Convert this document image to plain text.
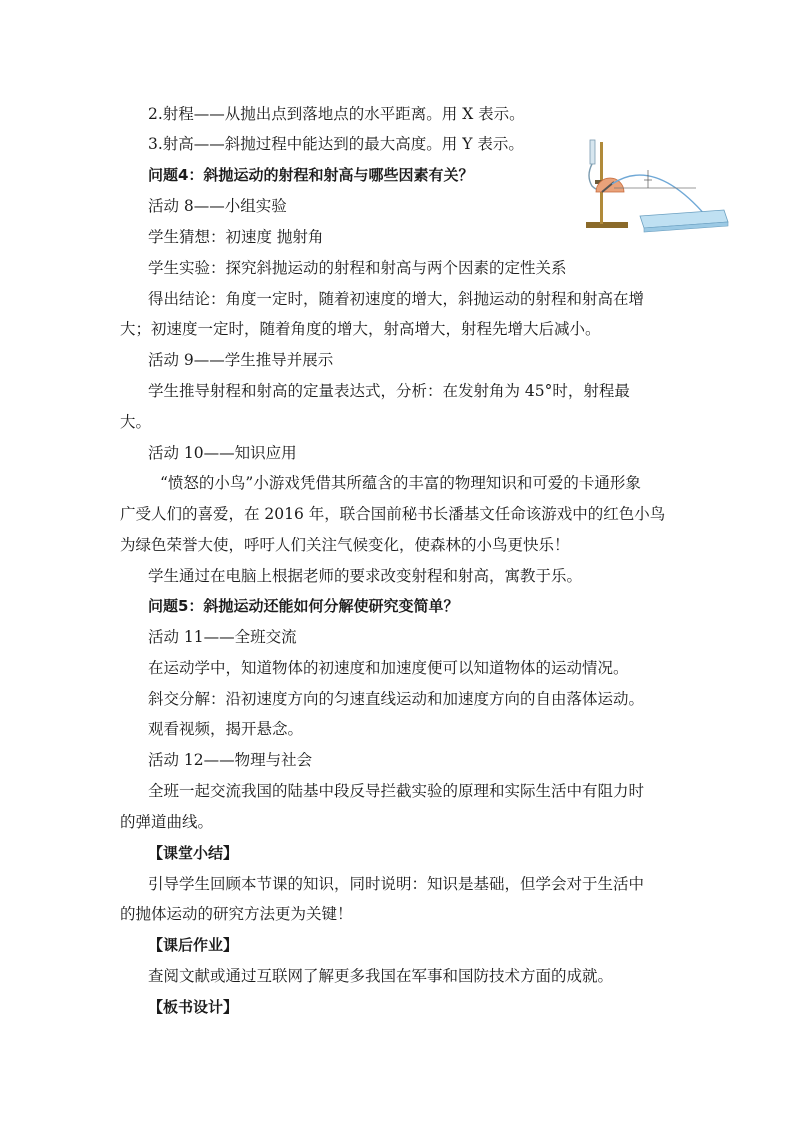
2.射程——从抛出点到落地点的水平距离。用 X 表示。
3.射高——斜抛过程中能达到的最大高度。用 Y 表示。
问题4：斜抛运动的射程和射高与哪些因素有关？
活动 8——小组实验
学生猜想：初速度 抛射角
学生实验：探究斜抛运动的射程和射高与两个因素的定性关系
得出结论：角度一定时，随着初速度的增大，斜抛运动的射程和射高在增
大；初速度一定时，随着角度的增大，射高增大，射程先增大后减小。
活动 9——学生推导并展示
学生推导射程和射高的定量表达式，分析：在发射角为 45°时，射程最
大。
活动 10——知识应用
“愤怒的小鸟”小游戏凭借其所蕴含的丰富的物理知识和可爱的卡通形象
广受人们的喜爱，在 2016 年，联合国前秘书长潘基文任命该游戏中的红色小鸟
为绿色荣誉大使，呼吁人们关注气候变化，使森林的小鸟更快乐！
学生通过在电脑上根据老师的要求改变射程和射高，寓教于乐。
问题5：斜抛运动还能如何分解使研究变简单？
活动 11——全班交流
在运动学中，知道物体的初速度和加速度便可以知道物体的运动情况。
斜交分解：沿初速度方向的匀速直线运动和加速度方向的自由落体运动。
观看视频，揭开悬念。
活动 12——物理与社会
全班一起交流我国的陆基中段反导拦截实验的原理和实际生活中有阻力时
的弹道曲线。
【课堂小结】
引导学生回顾本节课的知识，同时说明：知识是基础，但学会对于生活中
的抛体运动的研究方法更为关键！
【课后作业】
查阅文献或通过互联网了解更多我国在军事和国防技术方面的成就。
【板书设计】
